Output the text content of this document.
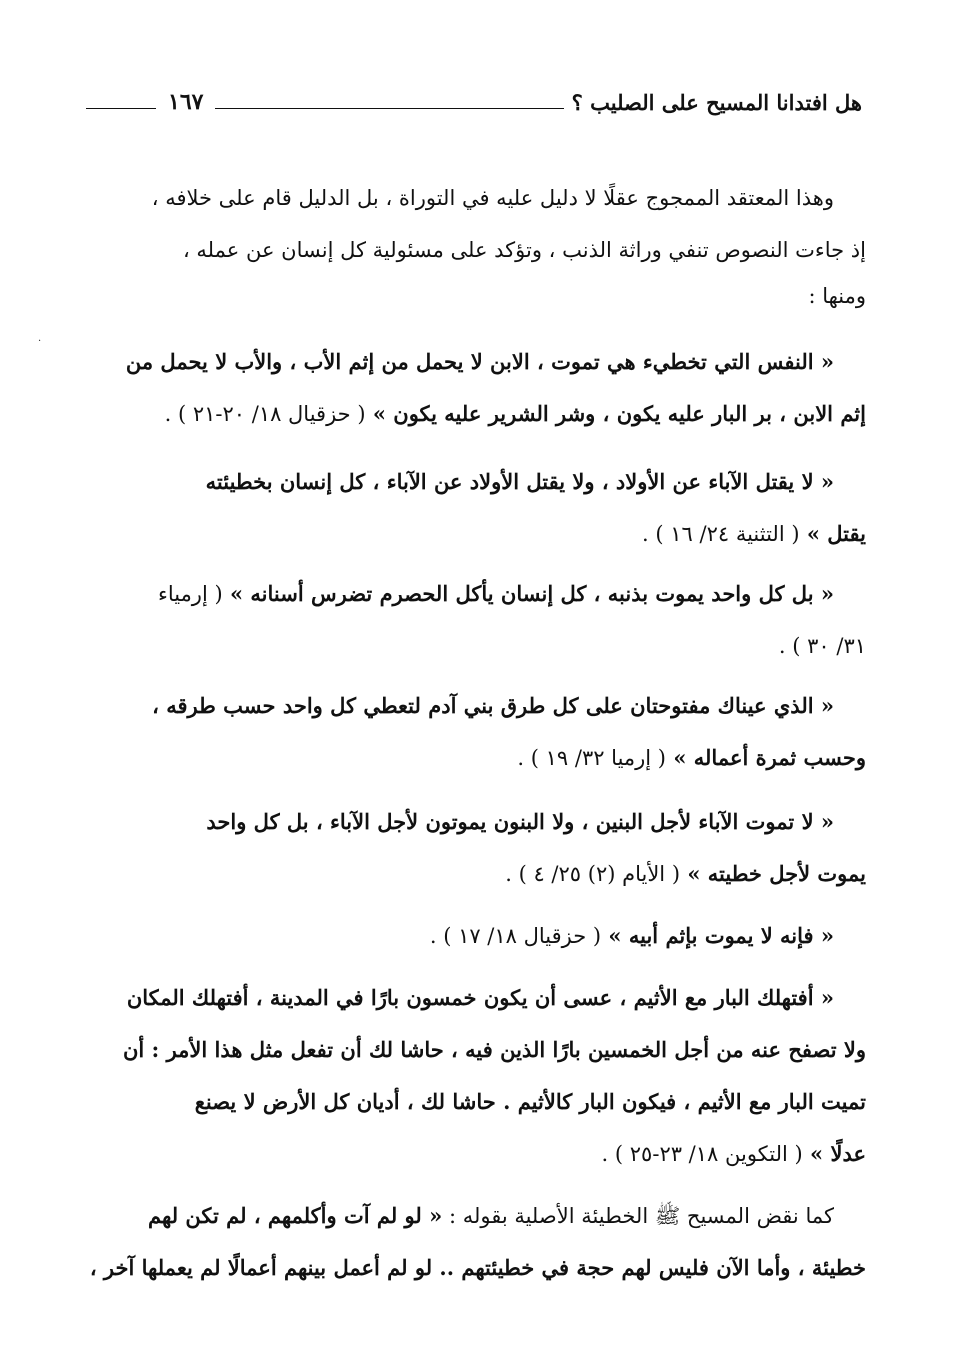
هل افتدانا المسيح على الصليب ؟
١٦٧
·

وهذا المعتقد الممجوج عقلًا لا دليل عليه في التوراة ، بل الدليل قام على خلافه ،
إذ جاءت النصوص تنفي وراثة الذنب ، وتؤكد على مسئولية كل إنسان عن عمله ،
ومنها :

« النفس التي تخطيء هي تموت ، الابن لا يحمل من إثم الأب ، والأب لا يحمل من
إثم الابن ، بر البار عليه يكون ، وشر الشرير عليه يكون » ( حزقيال ١٨/ ٢٠-٢١ ) .

« لا يقتل الآباء عن الأولاد ، ولا يقتل الأولاد عن الآباء ، كل إنسان بخطيئته
يقتل » ( التثنية ٢٤/ ١٦ ) .

« بل كل واحد يموت بذنبه ، كل إنسان يأكل الحصرم تضرس أسنانه » ( إرمياء
٣١/ ٣٠ ) .

« الذي عيناك مفتوحتان على كل طرق بني آدم لتعطي كل واحد حسب طرقه ،
وحسب ثمرة أعماله » ( إرميا ٣٢/ ١٩ ) .

« لا تموت الآباء لأجل البنين ، ولا البنون يموتون لأجل الآباء ، بل كل واحد
يموت لأجل خطيته » ( الأيام (٢) ٢٥/ ٤ ) .

« فإنه لا يموت بإثم أبيه » ( حزقيال ١٨/ ١٧ ) .

« أفتهلك البار مع الأثيم ، عسى أن يكون خمسون بارًا في المدينة ، أفتهلك المكان
ولا تصفح عنه من أجل الخمسين بارًا الذين فيه ، حاشا لك أن تفعل مثل هذا الأمر : أن
تميت البار مع الأثيم ، فيكون البار كالأثيم . حاشا لك ، أديان كل الأرض لا يصنع
عدلًا » ( التكوين ١٨/ ٢٣-٢٥ ) .

كما نقض المسيح ﷺ الخطيئة الأصلية بقوله : « لو لم آت وأكلمهم ، لم تكن لهم
خطيئة ، وأما الآن فليس لهم حجة في خطيئتهم .. لو لم أعمل بينهم أعمالًا لم يعملها آخر ،
